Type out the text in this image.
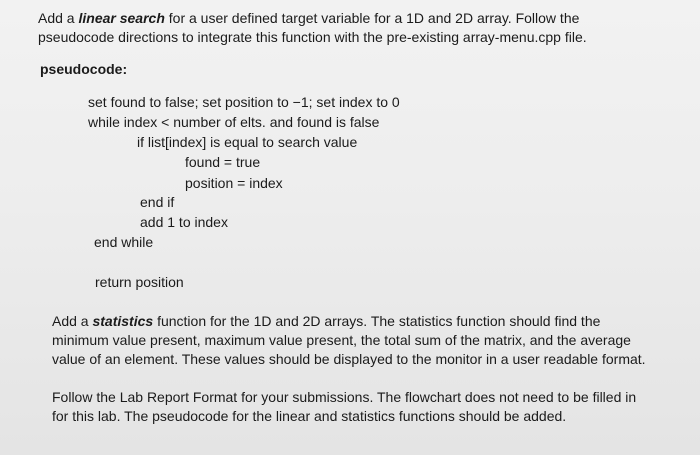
Add a linear search for a user defined target variable for a 1D and 2D array. Follow the
pseudocode directions to integrate this function with the pre-existing array-menu.cpp file.
pseudocode:
set found to false; set position to −1; set index to 0
while index < number of elts. and found is false
if list[index] is equal to search value
found = true
position = index
end if
add 1 to index
end while
return position
Add a statistics function for the 1D and 2D arrays. The statistics function should find the
minimum value present, maximum value present, the total sum of the matrix, and the average
value of an element. These values should be displayed to the monitor in a user readable format.
Follow the Lab Report Format for your submissions. The flowchart does not need to be filled in
for this lab. The pseudocode for the linear and statistics functions should be added.
